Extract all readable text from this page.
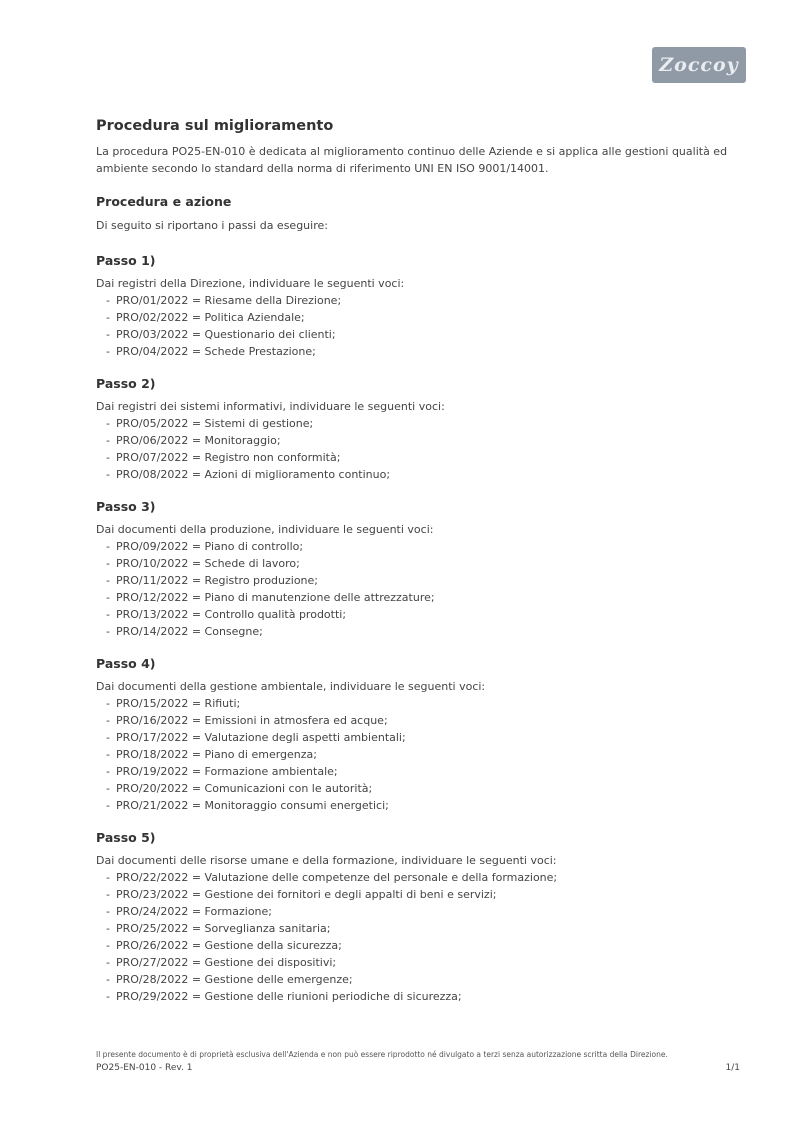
Zoccoy
Procedura sul miglioramento

La procedura PO25-EN-010 è dedicata al miglioramento continuo delle Aziende e si applica alle gestioni qualità ed ambiente secondo lo standard della norma di riferimento UNI EN ISO 9001/14001.

Procedura e azione

Di seguito si riportano i passi da eseguire:

Passo 1)

Dai registri della Direzione, individuare le seguenti voci:

- PRO/01/2022 = Riesame della Direzione;
- PRO/02/2022 = Politica Aziendale;
- PRO/03/2022 = Questionario dei clienti;
- PRO/04/2022 = Schede Prestazione;
Passo 2)

Dai registri dei sistemi informativi, individuare le seguenti voci:

- PRO/05/2022 = Sistemi di gestione;
- PRO/06/2022 = Monitoraggio;
- PRO/07/2022 = Registro non conformità;
- PRO/08/2022 = Azioni di miglioramento continuo;
Passo 3)

Dai documenti della produzione, individuare le seguenti voci:

- PRO/09/2022 = Piano di controllo;
- PRO/10/2022 = Schede di lavoro;
- PRO/11/2022 = Registro produzione;
- PRO/12/2022 = Piano di manutenzione delle attrezzature;
- PRO/13/2022 = Controllo qualità prodotti;
- PRO/14/2022 = Consegne;
Passo 4)

Dai documenti della gestione ambientale, individuare le seguenti voci:

- PRO/15/2022 = Rifiuti;
- PRO/16/2022 = Emissioni in atmosfera ed acque;
- PRO/17/2022 = Valutazione degli aspetti ambientali;
- PRO/18/2022 = Piano di emergenza;
- PRO/19/2022 = Formazione ambientale;
- PRO/20/2022 = Comunicazioni con le autorità;
- PRO/21/2022 = Monitoraggio consumi energetici;
Passo 5)

Dai documenti delle risorse umane e della formazione, individuare le seguenti voci:

- PRO/22/2022 = Valutazione delle competenze del personale e della formazione;
- PRO/23/2022 = Gestione dei fornitori e degli appalti di beni e servizi;
- PRO/24/2022 = Formazione;
- PRO/25/2022 = Sorveglianza sanitaria;
- PRO/26/2022 = Gestione della sicurezza;
- PRO/27/2022 = Gestione dei dispositivi;
- PRO/28/2022 = Gestione delle emergenze;
- PRO/29/2022 = Gestione delle riunioni periodiche di sicurezza;
Il presente documento è di proprietà esclusiva dell'Azienda e non può essere riprodotto né divulgato a terzi senza autorizzazione scritta della Direzione.
PO25-EN-010 - Rev. 1	1/1
